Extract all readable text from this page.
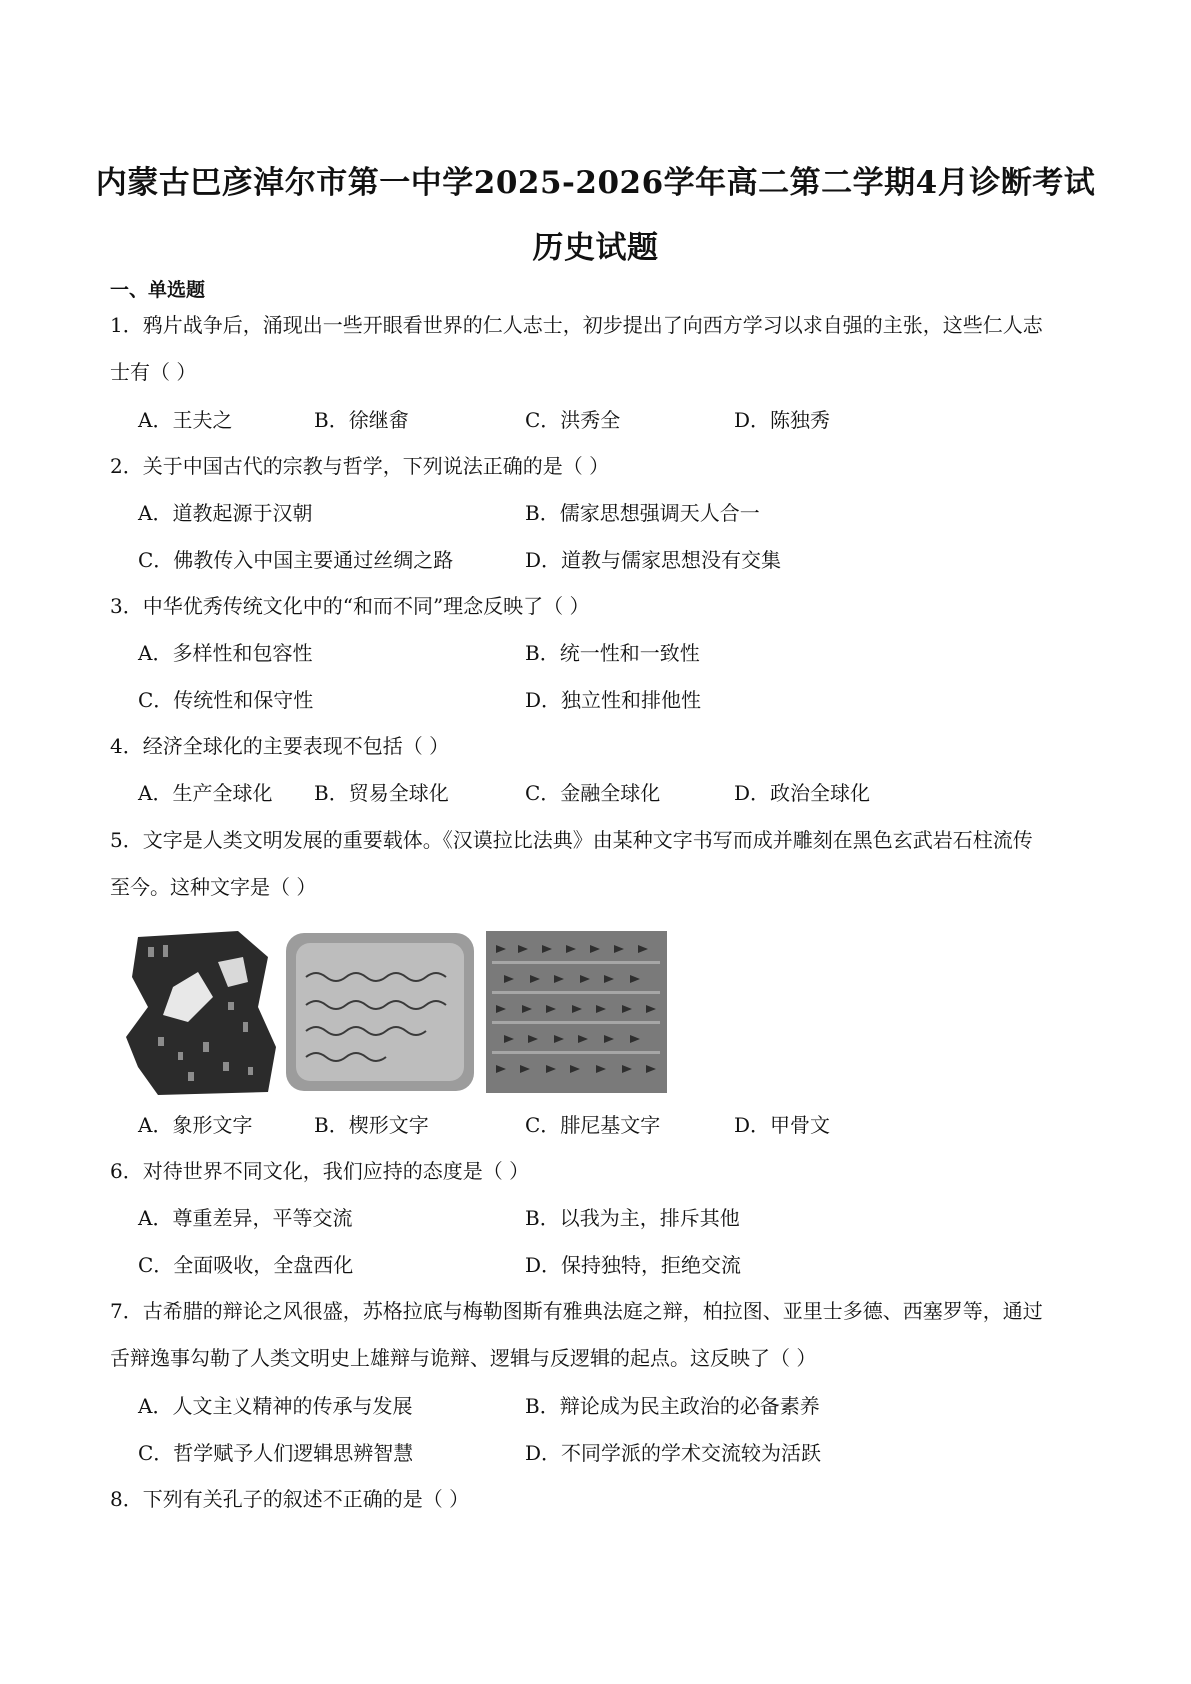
内蒙古巴彦淖尔市第一中学2025-2026学年高二第二学期4月诊断考试
历史试题
一、单选题
1．鸦片战争后，涌现出一些开眼看世界的仁人志士，初步提出了向西方学习以求自强的主张，这些仁人志
士有（ ）
A．王夫之	B．徐继畬	C．洪秀全	D．陈独秀
2．关于中国古代的宗教与哲学，下列说法正确的是（ ）
A．道教起源于汉朝	B．儒家思想强调天人合一
C．佛教传入中国主要通过丝绸之路	D．道教与儒家思想没有交集
3．中华优秀传统文化中的“和而不同”理念反映了（ ）
A．多样性和包容性	B．统一性和一致性
C．传统性和保守性	D．独立性和排他性
4．经济全球化的主要表现不包括（ ）
A．生产全球化 B．贸易全球化	C．金融全球化	D．政治全球化
5．文字是人类文明发展的重要载体。《汉谟拉比法典》由某种文字书写而成并雕刻在黑色玄武岩石柱流传
至今。这种文字是（ ）
A．象形文字	B．楔形文字	C．腓尼基文字	D．甲骨文
6．对待世界不同文化，我们应持的态度是（ ）
A．尊重差异，平等交流	B．以我为主，排斥其他
C．全面吸收，全盘西化	D．保持独特，拒绝交流
7．古希腊的辩论之风很盛，苏格拉底与梅勒图斯有雅典法庭之辩，柏拉图、亚里士多德、西塞罗等，通过
舌辩逸事勾勒了人类文明史上雄辩与诡辩、逻辑与反逻辑的起点。这反映了（ ）
A．人文主义精神的传承与发展	B．辩论成为民主政治的必备素养
C．哲学赋予人们逻辑思辨智慧	D．不同学派的学术交流较为活跃
8．下列有关孔子的叙述不正确的是（ ）
